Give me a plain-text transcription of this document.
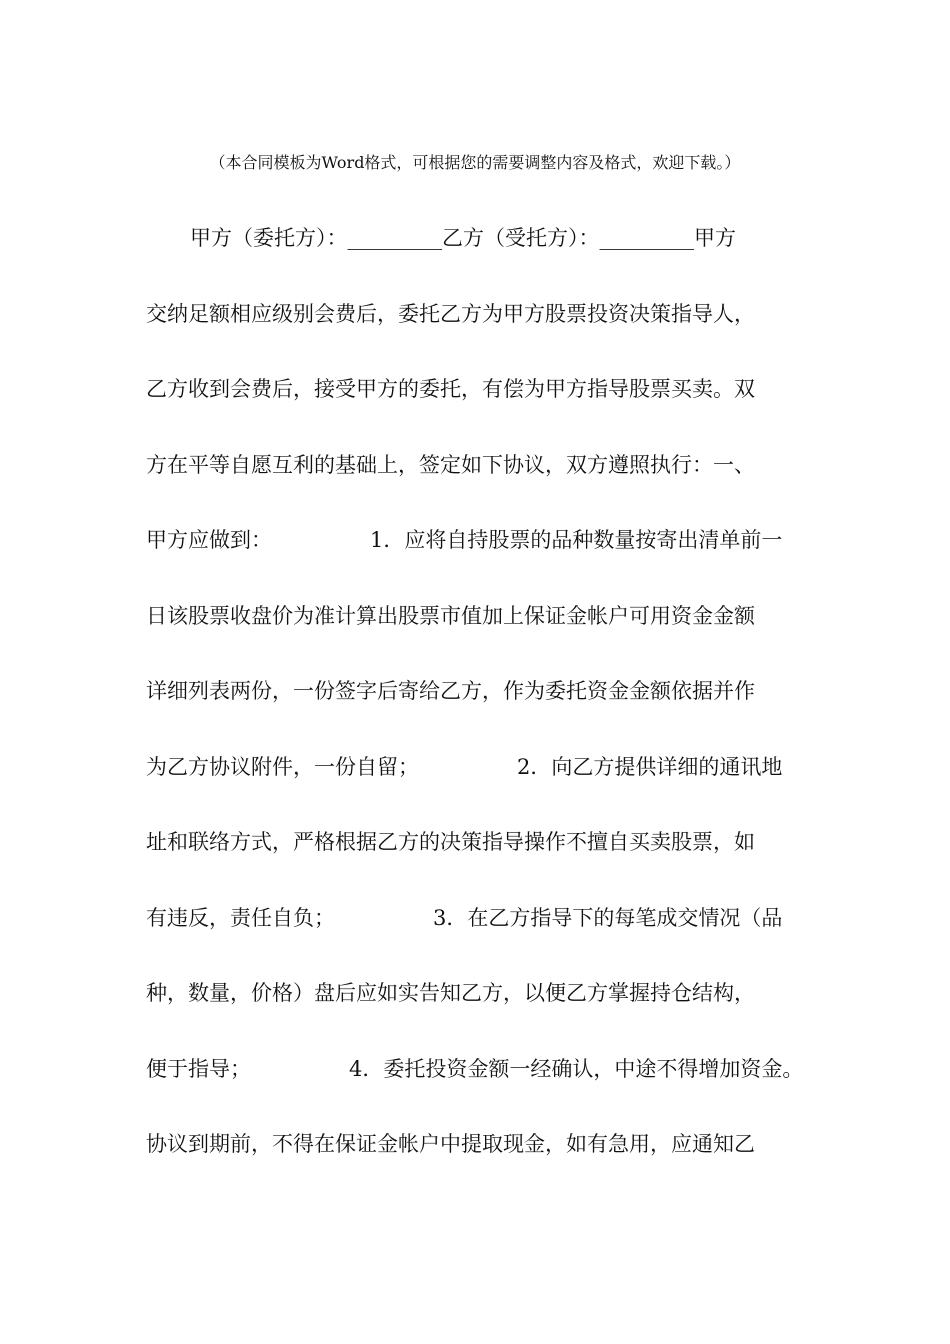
（本合同模板为Word格式，可根据您的需要调整内容及格式，欢迎下载。）
甲方（委托方）：_________乙方（受托方）：_________甲方
交纳足额相应级别会费后，委托乙方为甲方股票投资决策指导人，
乙方收到会费后，接受甲方的委托，有偿为甲方指导股票买卖。双
方在平等自愿互利的基础上，签定如下协议，双方遵照执行：一、
甲方应做到：	1．应将自持股票的品种数量按寄出清单前一
日该股票收盘价为准计算出股票市值加上保证金帐户可用资金金额
详细列表两份，一份签字后寄给乙方，作为委托资金金额依据并作
为乙方协议附件，一份自留；	2．向乙方提供详细的通讯地
址和联络方式，严格根据乙方的决策指导操作不擅自买卖股票，如
有违反，责任自负；	3．在乙方指导下的每笔成交情况（品
种，数量，价格）盘后应如实告知乙方，以便乙方掌握持仓结构，
便于指导；	4．委托投资金额一经确认，中途不得增加资金。
协议到期前，不得在保证金帐户中提取现金，如有急用，应通知乙
